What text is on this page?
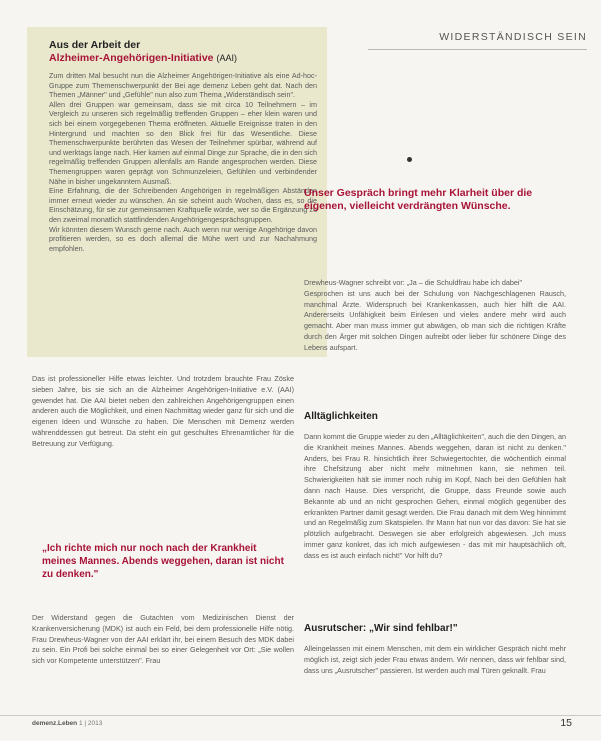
WIDERSTÄNDISCH SEIN
Aus der Arbeit der
Alzheimer-Angehörigen-Initiative (AAI)

Zum dritten Mal besucht nun die Alzheimer Angehörigen-Initiative als eine Ad-hoc-Gruppe zum Themenschwerpunkt der Bei age demenz Leben geht dat. Nach den Themen „Männer" und „Gefühle" nun also zum Thema „Widerständisch sein".

Allen drei Gruppen war gemeinsam, dass sie mit circa 10 Teilnehmern – im Vergleich zu unseren sich regelmäßig treffenden Gruppen – eher klein waren und sich bei einem vorgegebenen Thema eröffneten. Aktuelle Ereignisse traten in den Hintergrund und machten so den Blick frei für das Wesentliche. Diese Themenschwerpunkte berührten das Wesen der Teilnehmer spürbar, während auf und werktags lange nach. Hier kamen auf einmal Dinge zur Sprache, die in den sich regelmäßig treffenden Gruppen allenfalls am Rande angesprochen werden. Diese Themengruppen waren geprägt von Schmunzeleien, Gefühlen und verbindender Nähe in bisher ungekanntem Ausmaß.

Eine Erfahrung, die der Schreibenden Angehörigen in regelmäßigen Abständen immer erneut wieder zu wünschen. An sie scheint auch Wochen, dass es, so die Einschätzung, für sie zur gemeinsamen Kraftquelle würde, wer so die Ergänzung zu den zweimal monatlich stattfindenden Angehörigengesprächsgruppen.

Wir könnten diesem Wunsch gerne nach. Auch wenn nur wenige Angehörige davon profitieren werden, so es doch allemal die Mühe wert und zur Nachahmung empfohlen.

Unser Gespräch bringt mehr Klarheit über die eigenen, vielleicht verdrängten Wünsche.

Drewheus-Wagner schreibt vor: „Ja – die Schuldfrau habe ich dabei"

Gesprochen ist uns auch bei der Schulung von Nachgeschlagenen Rausch, manchmal Ärzte. Widerspruch bei Krankenkassen, auch hier hilft die AAI. Andererseits Unfähigkeit beim Einlesen und vieles andere mehr wird auch gemacht. Aber man muss immer gut abwägen, ob man sich die richtigen Kräfte durch den Ärger mit solchen Dingen aufreibt oder lieber für schönere Dinge des Lebens aufspart.

Alltäglichkeiten
Dann kommt die Gruppe wieder zu den „Alltäglichkeiten", auch die den Dingen, an die Krankheit meines Mannes. Abends weggehen, daran ist nicht zu denken." Anders, bei Frau R. hinsichtlich ihrer Schwiegertochter, die wöchentlich einmal ihre Chefsitzung aber nicht mehr mitnehmen kann, sie nehmen teil. Schwierigkeiten hält sie immer noch ruhig im Kopf, Nach bei den Gefühlen halt dann nach Hause. Dies verspricht, die Gruppe, dass Freunde sowie auch Bekannte ab und an nicht gesprochen Gehen, einmal möglich gegenüber des erkrankten Partner damit gesagt werden. Die Frau danach mit dem Weg hinnimmt und an Regelmäßig zum Skatspielen. Ihr Mann hat nun vor das davon: Sie hat sie plötzlich aufgebracht. Deswegen sie aber erfolgreich abgewiesen. „Ich muss immer ganz konkret, das ich mich aufgewiesen - das mit mir hauptsächlich oft, dass es ist auch einfach nicht!" Vor hilft du?
Ausrutscher: „Wir sind fehlbar!"
Alleingelassen mit einem Menschen, mit dem ein wirklicher Gespräch nicht mehr möglich ist, zeigt sich jeder Frau etwas ändern. Wir nennen, dass wir fehlbar sind, dass uns „Ausrutscher" passieren. Ist werden auch mal Türen geknallt. Frau
Das ist professioneller Hilfe etwas leichter. Und trotzdem brauchte Frau Zöske sieben Jahre, bis sie sich an die Alzheimer Angehörigen-Initiative e.V. (AAI) gewendet hat. Die AAI bietet neben den zahlreichen Angehörigengruppen einen anderen auch die Möglichkeit, und einen Nachmittag wieder ganz für sich und die eigenen Ideen und Wünsche zu haben. Die Menschen mit Demenz werden währenddessen gut betreut. Da steht ein gut geschultes Ehrenamtlicher für die Betreuung zur Verfügung.
„Ich richte mich nur noch nach der Krankheit meines Mannes. Abends weggehen, daran ist nicht zu denken."
Der Widerstand gegen die Gutachten vom Medizinischen Dienst der Krankenversicherung (MDK) ist auch ein Feld, bei dem professionelle Hilfe nötig. Frau Drewheus-Wagner von der AAI erklärt ihr, bei einem Besuch des MDK dabei zu sein. Ein Profi bei solche einmal bei so einer Gelegenheit vor Ort: „Sie wollen sich vor Kompetente unterstützen". Frau
demenz.Leben 1 | 2013	15
